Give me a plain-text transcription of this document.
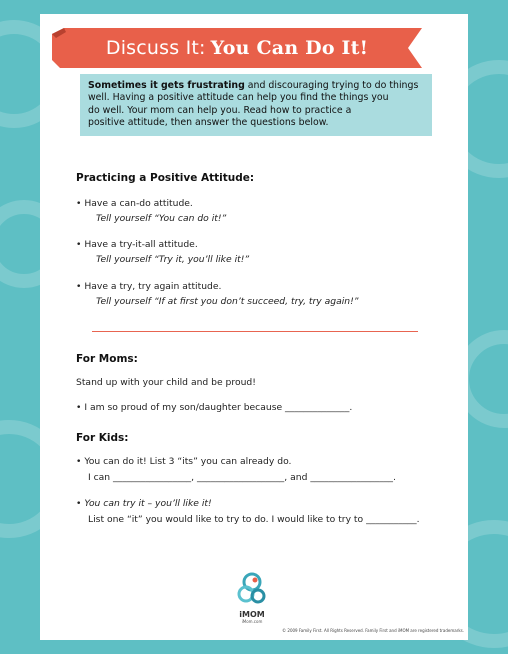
Discuss It: You Can Do It!
Sometimes it gets frustrating and discouraging trying to do things
well. Having a positive attitude can help you find the things you
do well. Your mom can help you. Read how to practice a
positive attitude, then answer the questions below.
Practicing a Positive Attitude:
• Have a can-do attitude.
Tell yourself “You can do it!”
• Have a try-it-all attitude.
Tell yourself “Try it, you’ll like it!”
• Have a try, try again attitude.
Tell yourself “If at first you don’t succeed, try, try again!”
For Moms:
Stand up with your child and be proud!
• I am so proud of my son/daughter because ______________.
For Kids:
• You can do it! List 3 “its” you can already do.
I can _________________, ___________________, and __________________.
• You can try it – you’ll like it!
List one “it” you would like to try to do. I would like to try to ___________.
iMOM
iMom.com
© 2009 Family First. All Rights Reserved. Family First and iMOM are registered trademarks.
